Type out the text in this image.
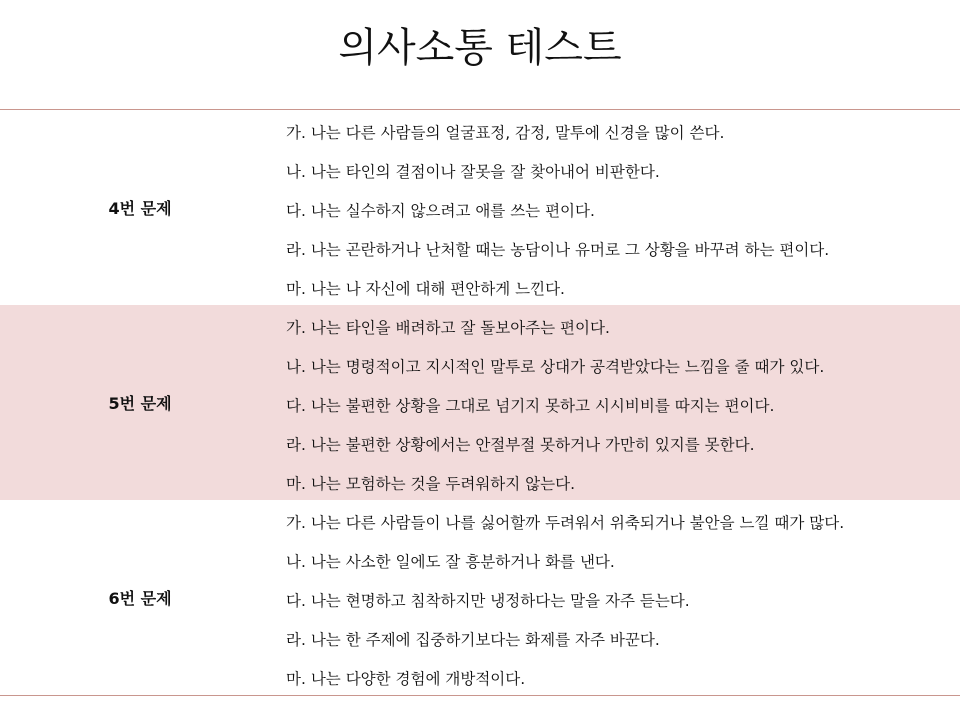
의사소통 테스트
4번 문제
가. 나는 다른 사람들의 얼굴표정, 감정, 말투에 신경을 많이 쓴다.
나. 나는 타인의 결점이나 잘못을 잘 찾아내어 비판한다.
다. 나는 실수하지 않으려고 애를 쓰는 편이다.
라. 나는 곤란하거나 난처할 때는 농담이나 유머로 그 상황을 바꾸려 하는 편이다.
마. 나는 나 자신에 대해 편안하게 느낀다.
5번 문제
가. 나는 타인을 배려하고 잘 돌보아주는 편이다.
나. 나는 명령적이고 지시적인 말투로 상대가 공격받았다는 느낌을 줄 때가 있다.
다. 나는 불편한 상황을 그대로 넘기지 못하고 시시비비를 따지는 편이다.
라. 나는 불편한 상황에서는 안절부절 못하거나 가만히 있지를 못한다.
마. 나는 모험하는 것을 두려워하지 않는다.
6번 문제
가. 나는 다른 사람들이 나를 싫어할까 두려워서 위축되거나 불안을 느낄 때가 많다.
나. 나는 사소한 일에도 잘 흥분하거나 화를 낸다.
다. 나는 현명하고 침착하지만 냉정하다는 말을 자주 듣는다.
라. 나는 한 주제에 집중하기보다는 화제를 자주 바꾼다.
마. 나는 다양한 경험에 개방적이다.
